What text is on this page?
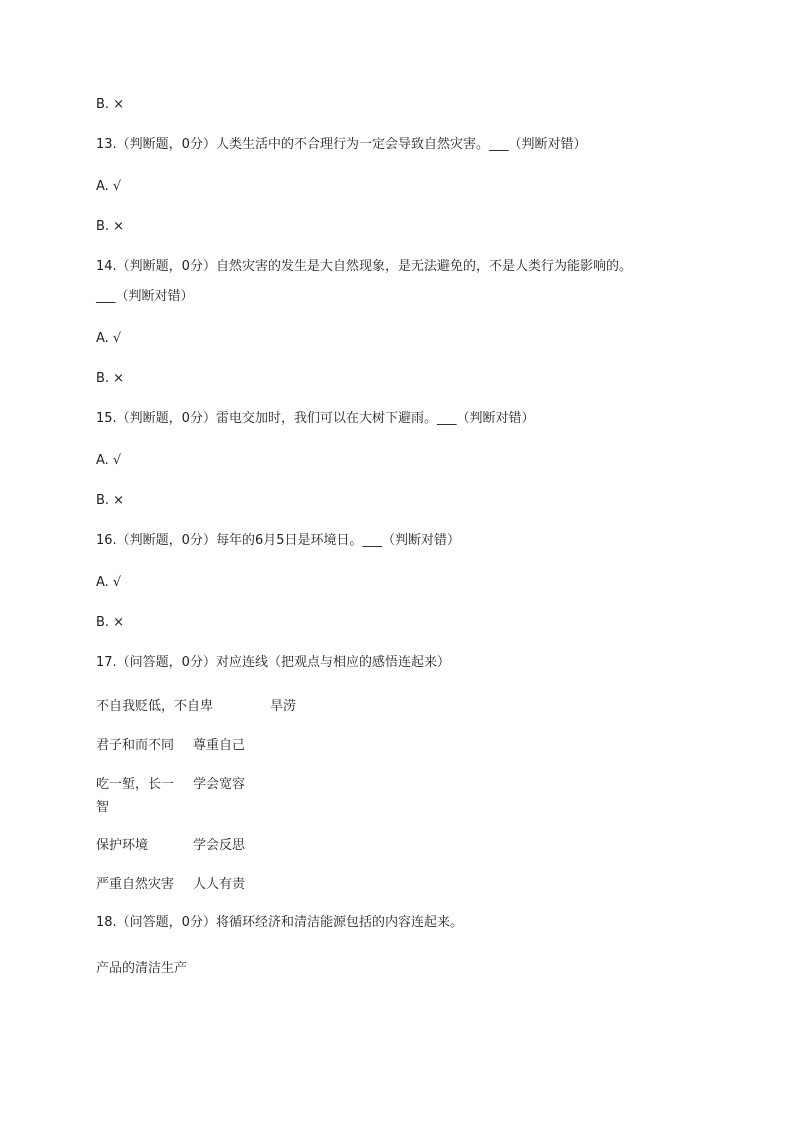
B. ×
13.（判断题，0分）人类生活中的不合理行为一定会导致自然灾害。___（判断对错）
A. √
B. ×
14.（判断题，0分）自然灾害的发生是大自然现象，是无法避免的，不是人类行为能影响的。
___（判断对错）
A. √
B. ×
15.（判断题，0分）雷电交加时，我们可以在大树下避雨。___（判断对错）
A. √
B. ×
16.（判断题，0分）每年的6月5日是环境日。___（判断对错）
A. √
B. ×
17.（问答题，0分）对应连线（把观点与相应的感悟连起来）
不自我贬低，不自卑	旱涝
君子和而不同 尊重自己
吃一堑，长一
智
学会宽容
保护环境	学会反思
严重自然灾害 人人有责
18.（问答题，0分）将循环经济和清洁能源包括的内容连起来。
产品的清洁生产
